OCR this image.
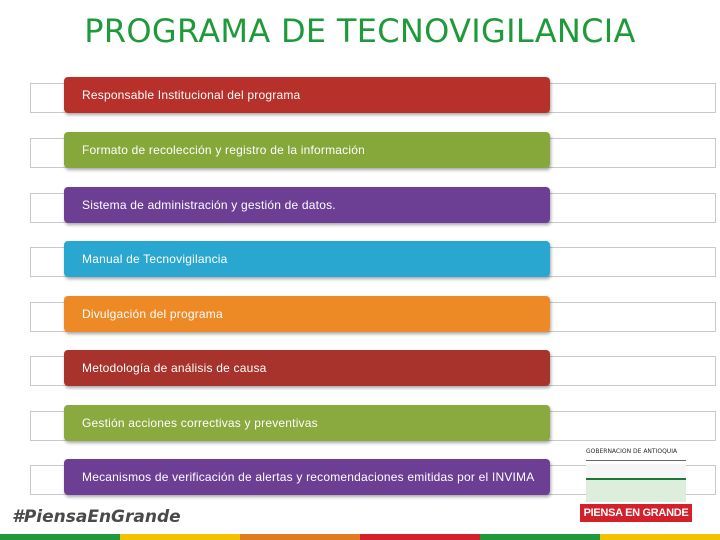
PROGRAMA DE TECNOVIGILANCIA
Responsable Institucional del programa
Formato de recolección y registro de la información
Sistema de administración y gestión de datos.
Manual de Tecnovigilancia
Divulgación del programa
Metodología de análisis de causa
Gestión acciones correctivas y preventivas
Mecanismos de verificación de alertas y recomendaciones emitidas por el INVIMA
#PiensaEnGrande
GOBERNACIÓN DE ANTIOQUIA
PIENSA EN GRANDE
